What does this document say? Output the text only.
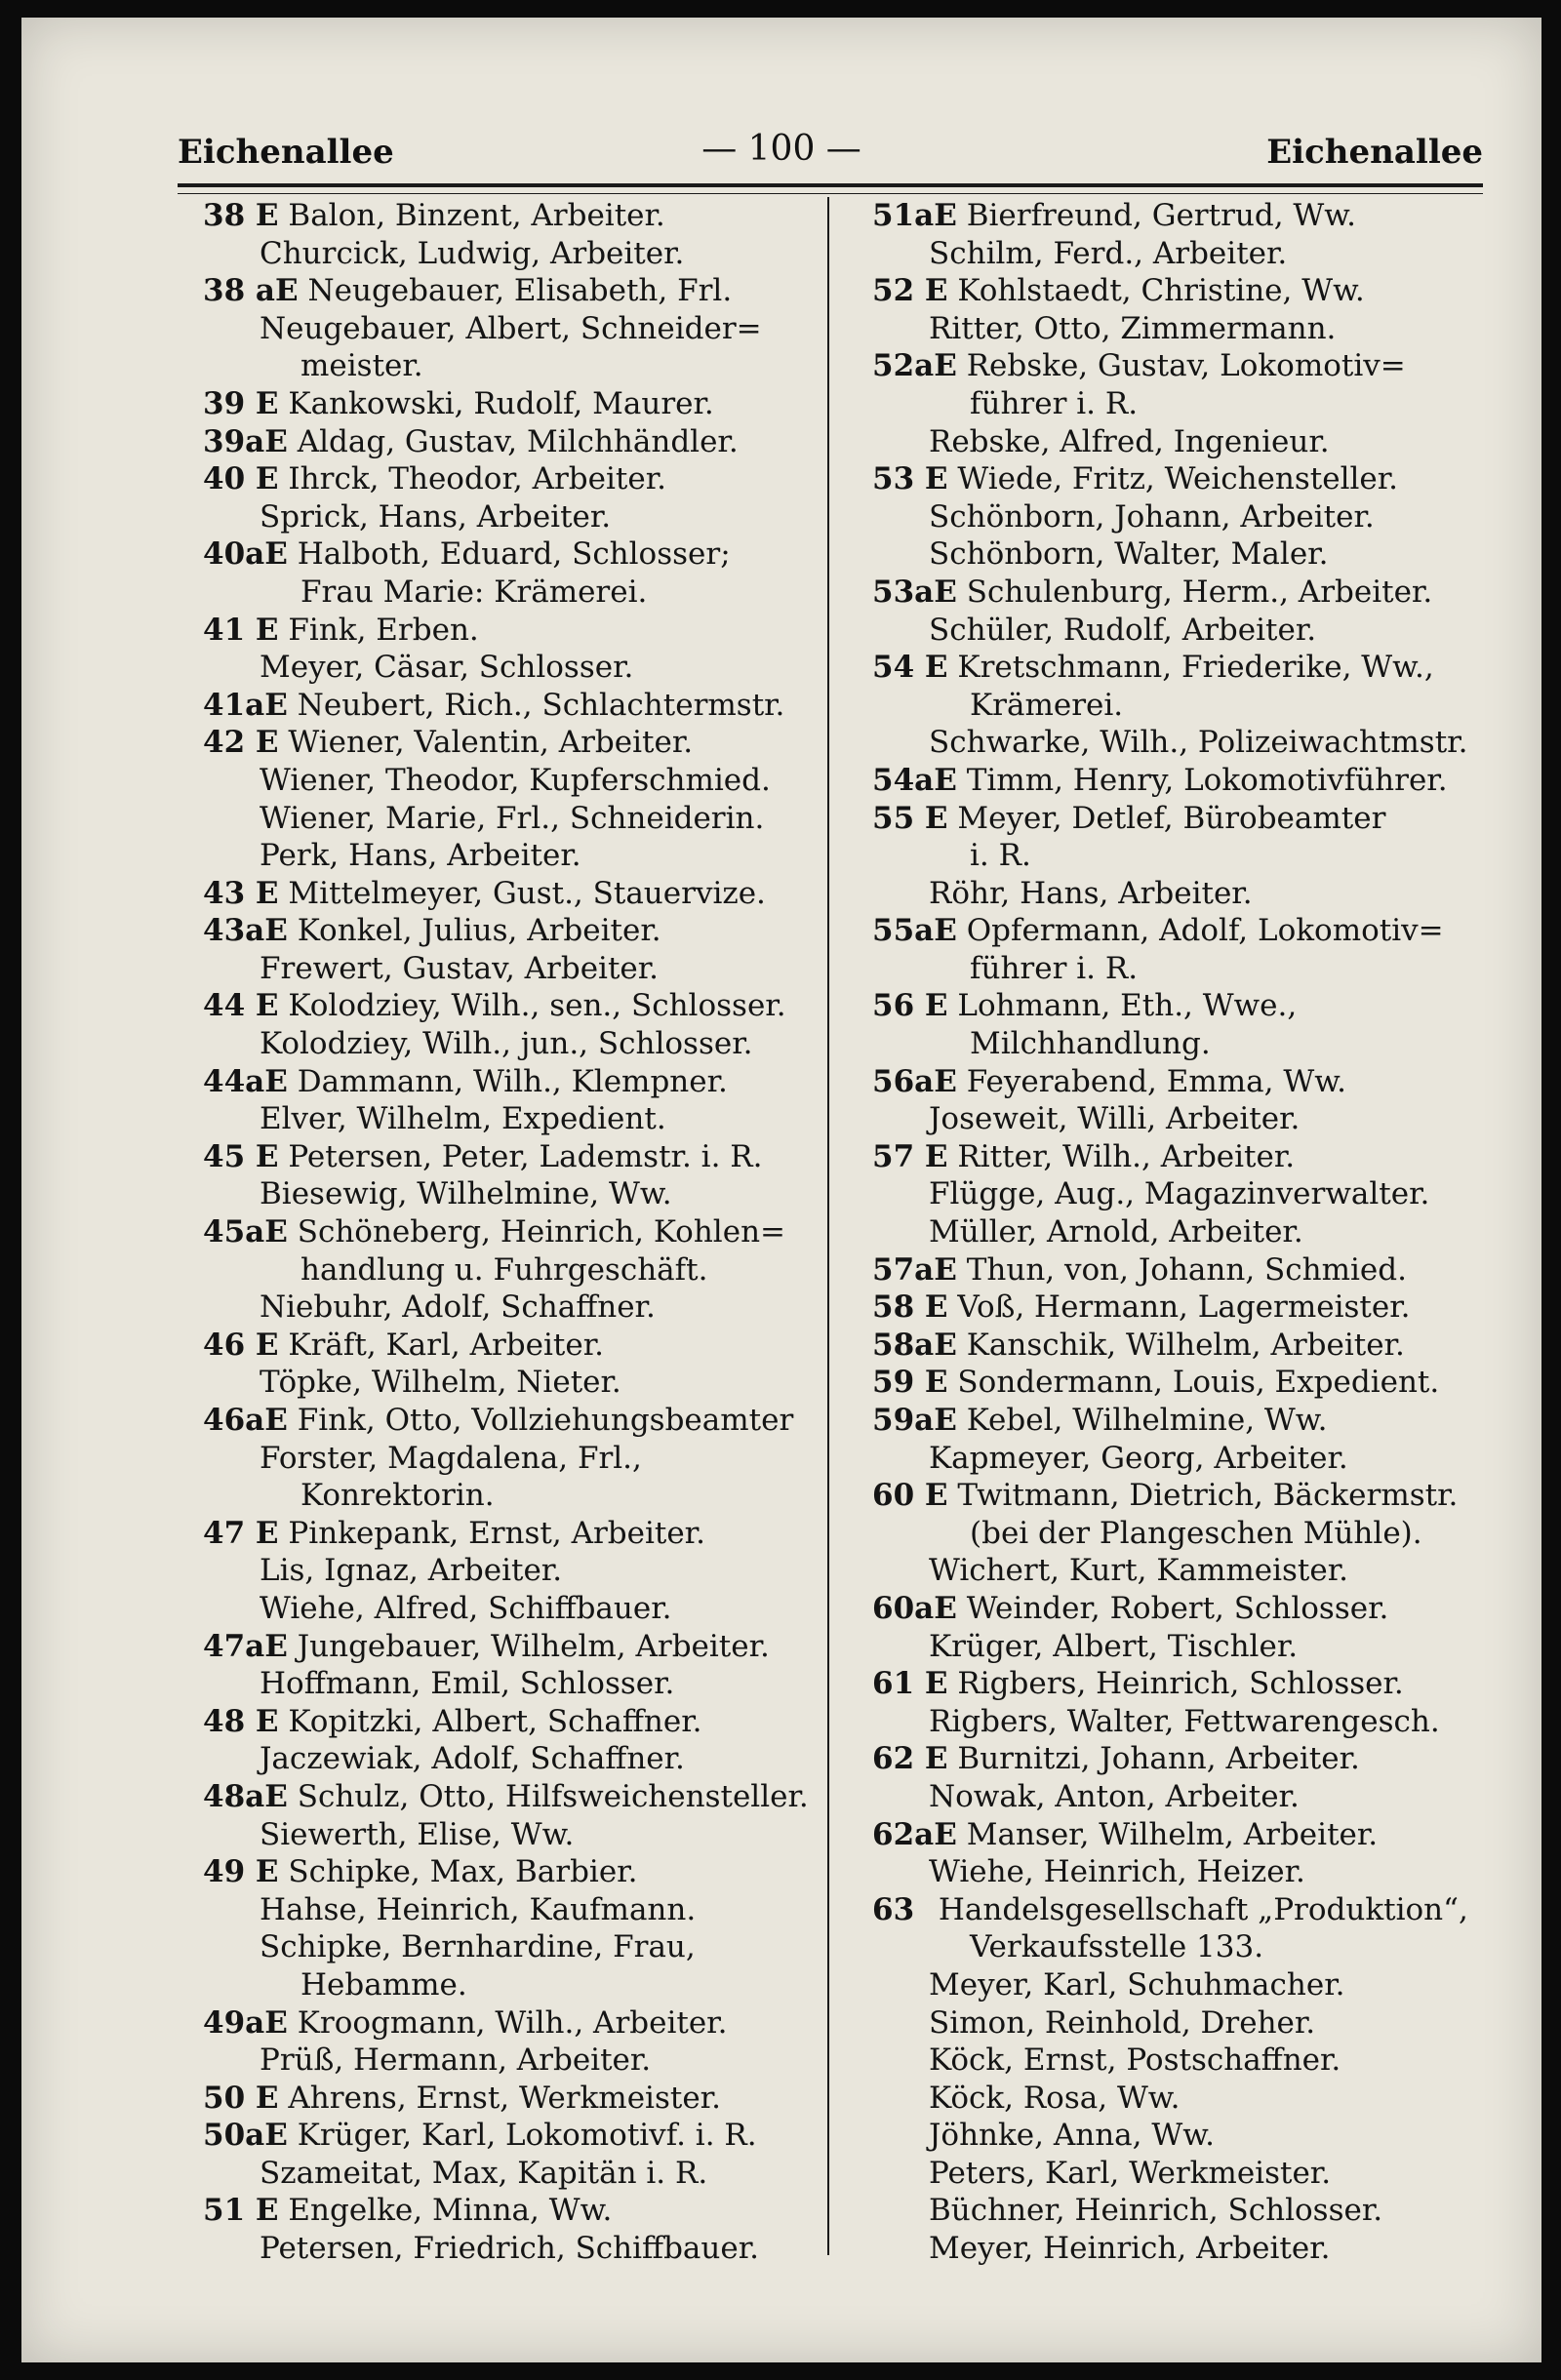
Eichenallee	— 100 —	Eichenallee
38 E Balon, Binzent, Arbeiter.
Churcick, Ludwig, Arbeiter.
38 aE Neugebauer, Elisabeth, Frl.
Neugebauer, Albert, Schneider=
meister.
39 E Kankowski, Rudolf, Maurer.
39aE Aldag, Gustav, Milchhändler.
40 E Ihrck, Theodor, Arbeiter.
Sprick, Hans, Arbeiter.
40aE Halboth, Eduard, Schlosser;
Frau Marie: Krämerei.
41 E Fink, Erben.
Meyer, Cäsar, Schlosser.
41aE Neubert, Rich., Schlachtermstr.
42 E Wiener, Valentin, Arbeiter.
Wiener, Theodor, Kupferschmied.
Wiener, Marie, Frl., Schneiderin.
Perk, Hans, Arbeiter.
43 E Mittelmeyer, Gust., Stauervize.
43aE Konkel, Julius, Arbeiter.
Frewert, Gustav, Arbeiter.
44 E Kolodziey, Wilh., sen., Schlosser.
Kolodziey, Wilh., jun., Schlosser.
44aE Dammann, Wilh., Klempner.
Elver, Wilhelm, Expedient.
45 E Petersen, Peter, Lademstr. i. R.
Biesewig, Wilhelmine, Ww.
45aE Schöneberg, Heinrich, Kohlen=
handlung u. Fuhrgeschäft.
Niebuhr, Adolf, Schaffner.
46 E Kräft, Karl, Arbeiter.
Töpke, Wilhelm, Nieter.
46aE Fink, Otto, Vollziehungsbeamter
Forster, Magdalena, Frl.,
Konrektorin.
47 E Pinkepank, Ernst, Arbeiter.
Lis, Ignaz, Arbeiter.
Wiehe, Alfred, Schiffbauer.
47aE Jungebauer, Wilhelm, Arbeiter.
Hoffmann, Emil, Schlosser.
48 E Kopitzki, Albert, Schaffner.
Jaczewiak, Adolf, Schaffner.
48aE Schulz, Otto, Hilfsweichensteller.
Siewerth, Elise, Ww.
49 E Schipke, Max, Barbier.
Hahse, Heinrich, Kaufmann.
Schipke, Bernhardine, Frau,
Hebamme.
49aE Kroogmann, Wilh., Arbeiter.
Prüß, Hermann, Arbeiter.
50 E Ahrens, Ernst, Werkmeister.
50aE Krüger, Karl, Lokomotivf. i. R.
Szameitat, Max, Kapitän i. R.
51 E Engelke, Minna, Ww.
Petersen, Friedrich, Schiffbauer.
51aE Bierfreund, Gertrud, Ww.
Schilm, Ferd., Arbeiter.
52 E Kohlstaedt, Christine, Ww.
Ritter, Otto, Zimmermann.
52aE Rebske, Gustav, Lokomotiv=
führer i. R.
Rebske, Alfred, Ingenieur.
53 E Wiede, Fritz, Weichensteller.
Schönborn, Johann, Arbeiter.
Schönborn, Walter, Maler.
53aE Schulenburg, Herm., Arbeiter.
Schüler, Rudolf, Arbeiter.
54 E Kretschmann, Friederike, Ww.,
Krämerei.
Schwarke, Wilh., Polizeiwachtmstr.
54aE Timm, Henry, Lokomotivführer.
55 E Meyer, Detlef, Bürobeamter
i. R.
Röhr, Hans, Arbeiter.
55aE Opfermann, Adolf, Lokomotiv=
führer i. R.
56 E Lohmann, Eth., Wwe.,
Milchhandlung.
56aE Feyerabend, Emma, Ww.
Joseweit, Willi, Arbeiter.
57 E Ritter, Wilh., Arbeiter.
Flügge, Aug., Magazinverwalter.
Müller, Arnold, Arbeiter.
57aE Thun, von, Johann, Schmied.
58 E Voß, Hermann, Lagermeister.
58aE Kanschik, Wilhelm, Arbeiter.
59 E Sondermann, Louis, Expedient.
59aE Kebel, Wilhelmine, Ww.
Kapmeyer, Georg, Arbeiter.
60 E Twitmann, Dietrich, Bäckermstr.
(bei der Plangeschen Mühle).
Wichert, Kurt, Kammeister.
60aE Weinder, Robert, Schlosser.
Krüger, Albert, Tischler.
61 E Rigbers, Heinrich, Schlosser.
Rigbers, Walter, Fettwarengesch.
62 E Burnitzi, Johann, Arbeiter.
Nowak, Anton, Arbeiter.
62aE Manser, Wilhelm, Arbeiter.
Wiehe, Heinrich, Heizer.
63 Handelsgesellschaft „Produktion“,
Verkaufsstelle 133.
Meyer, Karl, Schuhmacher.
Simon, Reinhold, Dreher.
Köck, Ernst, Postschaffner.
Köck, Rosa, Ww.
Jöhnke, Anna, Ww.
Peters, Karl, Werkmeister.
Büchner, Heinrich, Schlosser.
Meyer, Heinrich, Arbeiter.
